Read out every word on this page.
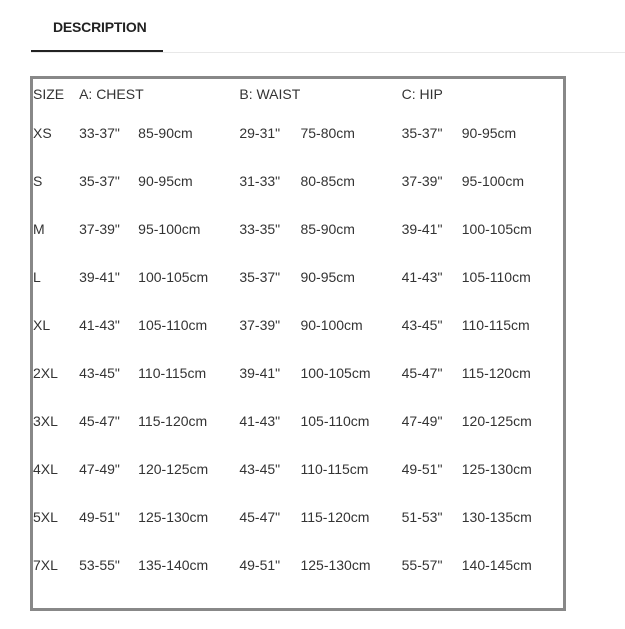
DESCRIPTION
SIZE	A: CHEST		B: WAIST		C: HIP	
XS	33-37"	85-90cm	29-31"	75-80cm	35-37"	90-95cm
S	35-37"	90-95cm	31-33"	80-85cm	37-39"	95-100cm
M	37-39"	95-100cm	33-35"	85-90cm	39-41"	100-105cm
L	39-41"	100-105cm	35-37"	90-95cm	41-43"	105-110cm
XL	41-43"	105-110cm	37-39"	90-100cm	43-45"	110-115cm
2XL	43-45"	110-115cm	39-41"	100-105cm	45-47"	115-120cm
3XL	45-47"	115-120cm	41-43"	105-110cm	47-49"	120-125cm
4XL	47-49"	120-125cm	43-45"	110-115cm	49-51"	125-130cm
5XL	49-51"	125-130cm	45-47"	115-120cm	51-53"	130-135cm
7XL	53-55"	135-140cm	49-51"	125-130cm	55-57"	140-145cm
